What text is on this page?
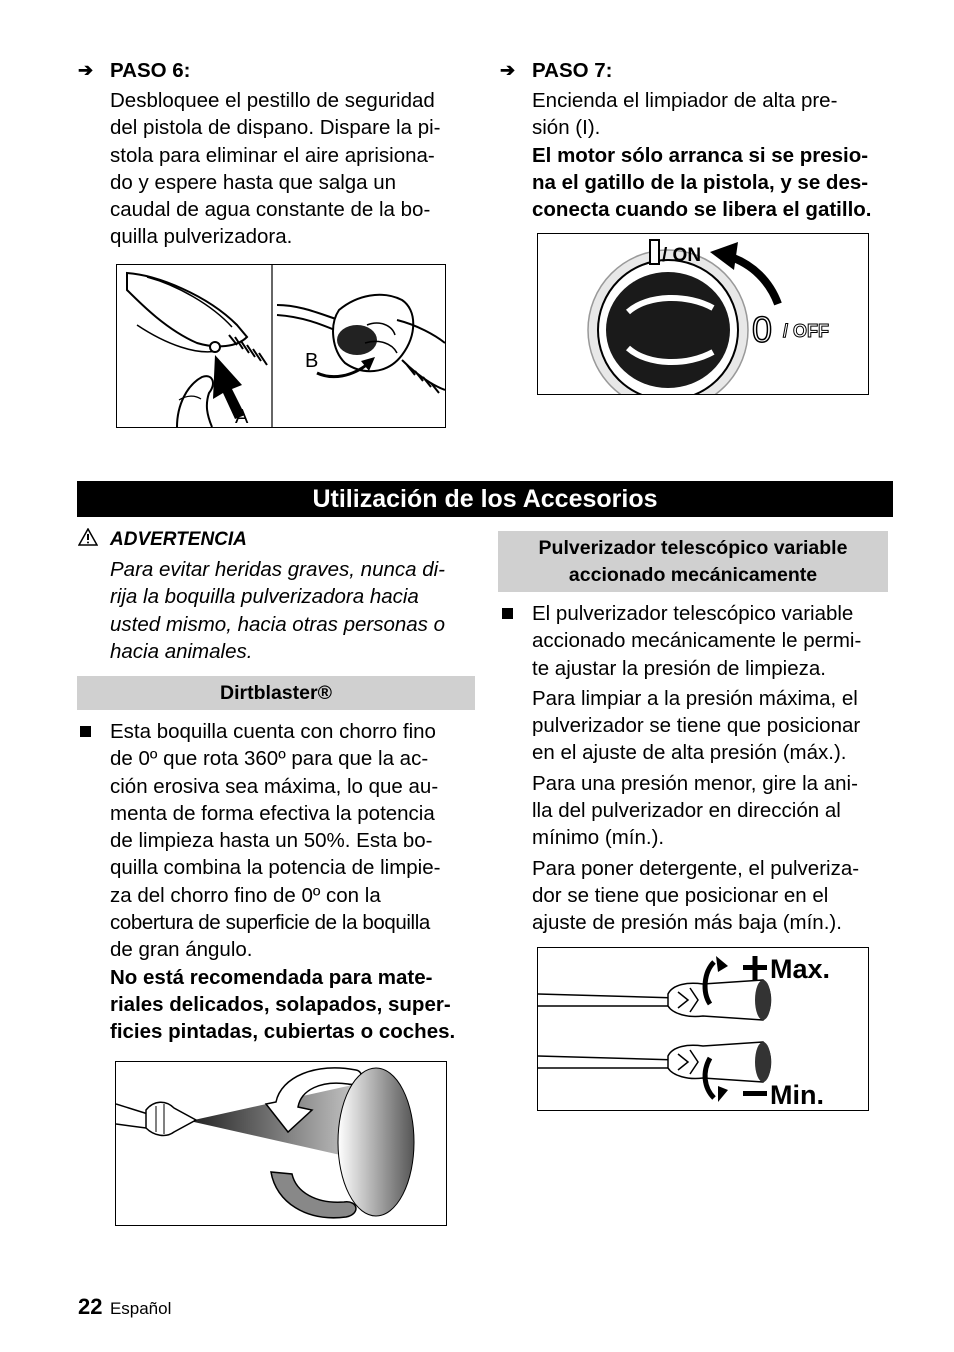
➔ PASO 6:
Desbloquee el pestillo de seguridad
del pistola de dispano. Dispare la pi-
stola para eliminar el aire aprisiona-
do y espere hasta que salga un
caudal de agua constante de la bo-
quilla pulverizadora.
A
B
➔ PASO 7:
Encienda el limpiador de alta pre-
sión (I).
El motor sólo arranca si se presio-
na el gatillo de la pistola, y se des-
conecta cuando se libera el gatillo.
/ ON
0 / OFF
Utilización de los Accesorios
ADVERTENCIA
Para evitar heridas graves, nunca di-
rija la boquilla pulverizadora hacia
usted mismo, hacia otras personas o
hacia animales.
Dirtblaster®
Esta boquilla cuenta con chorro fino
de 0º que rota 360º para que la ac-
ción erosiva sea máxima, lo que au-
menta de forma efectiva la potencia
de limpieza hasta un 50%. Esta bo-
quilla combina la potencia de limpie-
za del chorro fino de 0º con la
cobertura de superficie de la boquilla
de gran ángulo.
No está recomendada para mate-
riales delicados, solapados, super-
ficies pintadas, cubiertas o coches.
Pulverizador telescópico variable
accionado mecánicamente
El pulverizador telescópico variable
accionado mecánicamente le permi-
te ajustar la presión de limpieza.
Para limpiar a la presión máxima, el
pulverizador se tiene que posicionar
en el ajuste de alta presión (máx.).
Para una presión menor, gire la ani-
lla del pulverizador en dirección al
mínimo (mín.).
Para poner detergente, el pulveriza-
dor se tiene que posicionar en el
ajuste de presión más baja (mín.).
Max.
Min.
22 Español
